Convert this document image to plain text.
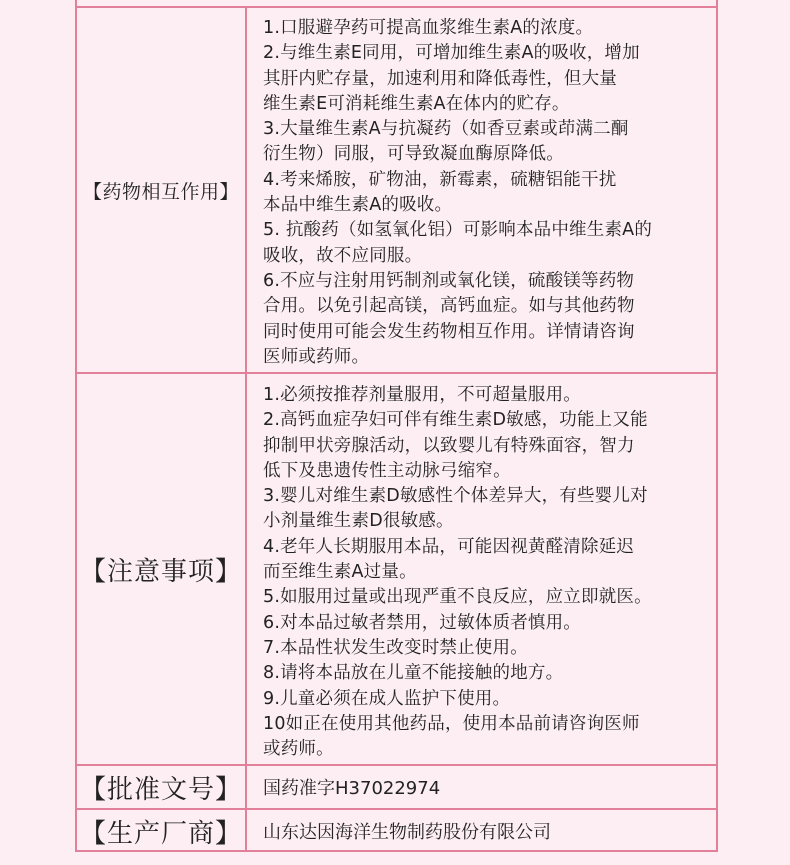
【药物相互作用】
1.口服避孕药可提高血浆维生素A的浓度。
2.与维生素E同用，可增加维生素A的吸收，增加
其肝内贮存量，加速利用和降低毒性，但大量
维生素E可消耗维生素A在体内的贮存。
3.大量维生素A与抗凝药（如香豆素或茚满二酮
衍生物）同服，可导致凝血酶原降低。
4.考来烯胺，矿物油，新霉素，硫糖铝能干扰
本品中维生素A的吸收。
5. 抗酸药（如氢氧化铝）可影响本品中维生素A的
吸收，故不应同服。
6.不应与注射用钙制剂或氧化镁，硫酸镁等药物
合用。以免引起高镁，高钙血症。如与其他药物
同时使用可能会发生药物相互作用。详情请咨询
医师或药师。
【注意事项】
1.必须按推荐剂量服用，不可超量服用。
2.高钙血症孕妇可伴有维生素D敏感，功能上又能
抑制甲状旁腺活动，以致婴儿有特殊面容，智力
低下及患遗传性主动脉弓缩窄。
3.婴儿对维生素D敏感性个体差异大，有些婴儿对
小剂量维生素D很敏感。
4.老年人长期服用本品，可能因视黄醛清除延迟
而至维生素A过量。
5.如服用过量或出现严重不良反应，应立即就医。
6.对本品过敏者禁用，过敏体质者慎用。
7.本品性状发生改变时禁止使用。
8.请将本品放在儿童不能接触的地方。
9.儿童必须在成人监护下使用。
10如正在使用其他药品，使用本品前请咨询医师
或药师。
【批准文号】 国药准字H37022974
【生产厂商】 山东达因海洋生物制药股份有限公司
